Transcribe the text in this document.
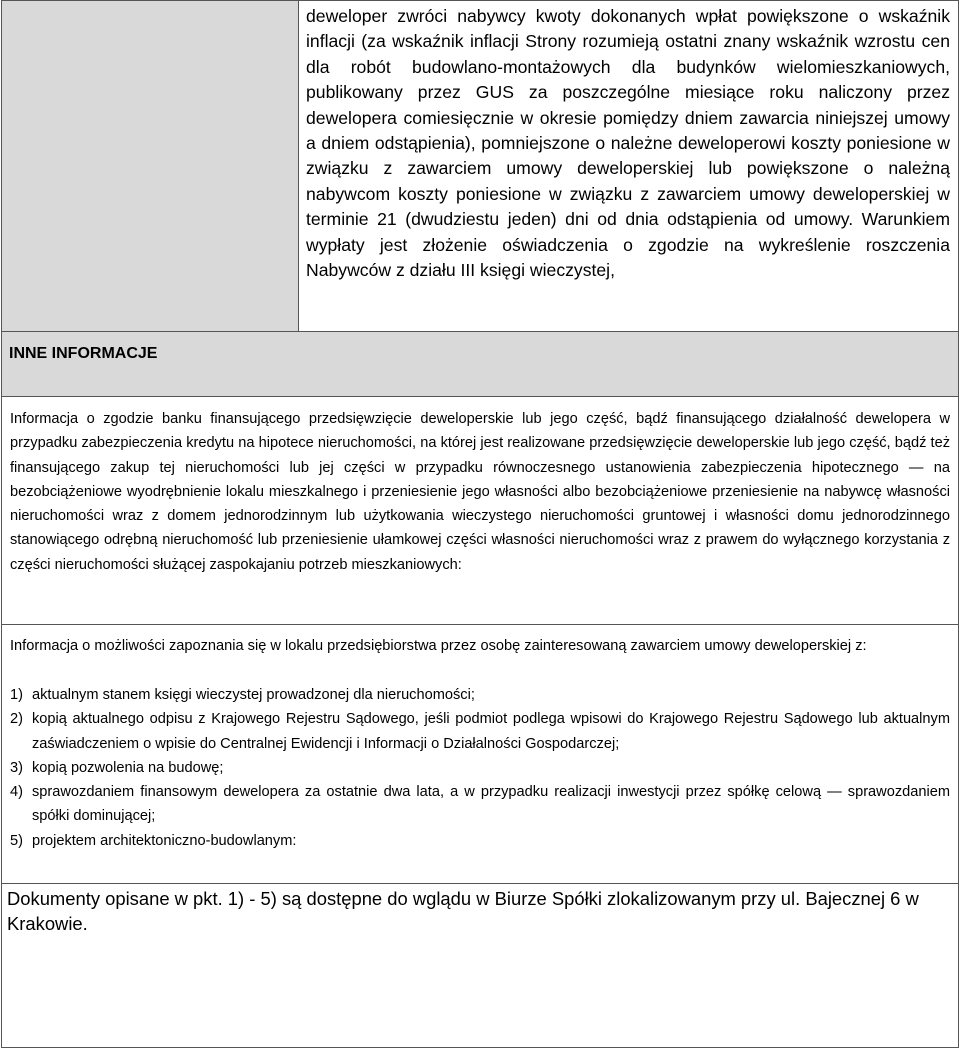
deweloper zwróci nabywcy kwoty dokonanych wpłat powiększone o wskaźnik inflacji (za wskaźnik inflacji Strony rozumieją ostatni znany wskaźnik wzrostu cen dla robót budowlano-montażowych dla budynków wielomieszkaniowych, publikowany przez GUS za poszczególne miesiące roku naliczony przez dewelopera comiesięcznie w okresie pomiędzy dniem zawarcia niniejszej umowy a dniem odstąpienia), pomniejszone o należne deweloperowi koszty poniesione w związku z zawarciem umowy deweloperskiej lub powiększone o należną nabywcom koszty poniesione w związku z zawarciem umowy deweloperskiej w terminie 21 (dwudziestu jeden) dni od dnia odstąpienia od umowy. Warunkiem wypłaty jest złożenie oświadczenia o zgodzie na wykreślenie roszczenia Nabywców z działu III księgi wieczystej,

INNE INFORMACJE

Informacja o zgodzie banku finansującego przedsięwzięcie deweloperskie lub jego część, bądź finansującego działalność dewelopera w przypadku zabezpieczenia kredytu na hipotece nieruchomości, na której jest realizowane przedsięwzięcie deweloperskie lub jego część, bądź też finansującego zakup tej nieruchomości lub jej części w przypadku równoczesnego ustanowienia zabezpieczenia hipotecznego — na bezobciążeniowe wyodrębnienie lokalu mieszkalnego i przeniesienie jego własności albo bezobciążeniowe przeniesienie na nabywcę własności nieruchomości wraz z domem jednorodzinnym lub użytkowania wieczystego nieruchomości gruntowej i własności domu jednorodzinnego stanowiącego odrębną nieruchomość lub przeniesienie ułamkowej części własności nieruchomości wraz z prawem do wyłącznego korzystania z części nieruchomości służącej zaspokajaniu potrzeb mieszkaniowych:

Informacja o możliwości zapoznania się w lokalu przedsiębiorstwa przez osobę zainteresowaną zawarciem umowy deweloperskiej z:

1) aktualnym stanem księgi wieczystej prowadzonej dla nieruchomości;
2) kopią aktualnego odpisu z Krajowego Rejestru Sądowego, jeśli podmiot podlega wpisowi do Krajowego Rejestru Sądowego lub aktualnym zaświadczeniem o wpisie do Centralnej Ewidencji i Informacji o Działalności Gospodarczej;
3) kopią pozwolenia na budowę;
4) sprawozdaniem finansowym dewelopera za ostatnie dwa lata, a w przypadku realizacji inwestycji przez spółkę celową — sprawozdaniem spółki dominującej;
5) projektem architektoniczno-budowlanym:

Dokumenty opisane w pkt. 1) - 5) są dostępne do wglądu w Biurze Spółki zlokalizowanym przy ul. Bajecznej 6 w Krakowie.
